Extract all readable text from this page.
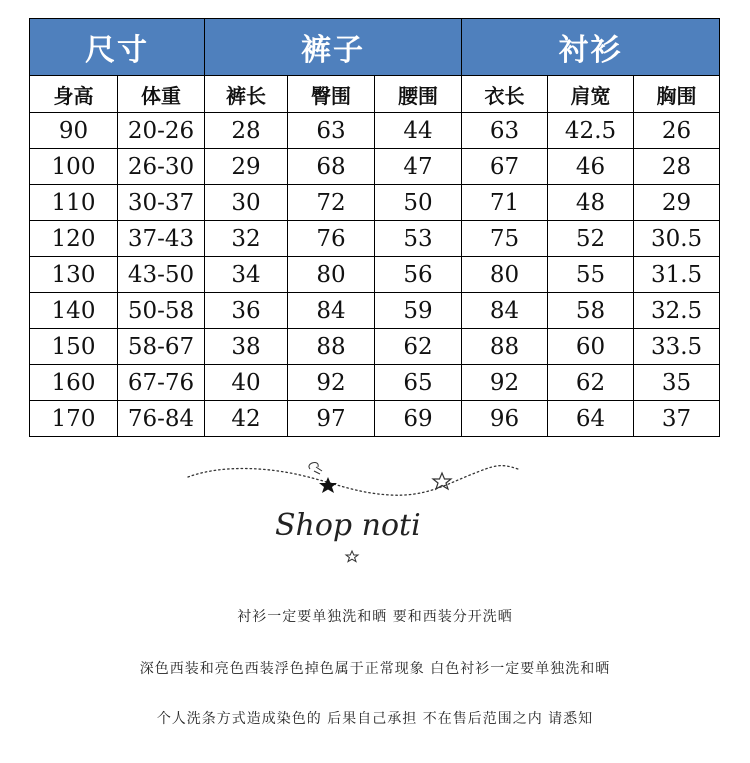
尺寸		裤子			衬衫		
身高	体重	裤长	臀围	腰围	衣长	肩宽	胸围
90	20-26	28	63	44	63	42.5	26
100	26-30	29	68	47	67	46	28
110	30-37	30	72	50	71	48	29
120	37-43	32	76	53	75	52	30.5
130	43-50	34	80	56	80	55	31.5
140	50-58	36	84	59	84	58	32.5
150	58-67	38	88	62	88	60	33.5
160	67-76	40	92	65	92	62	35
170	76-84	42	97	69	96	64	37
Shop noti
衬衫一定要单独洗和晒 要和西装分开洗晒
深色西装和亮色西装浮色掉色属于正常现象 白色衬衫一定要单独洗和晒
个人洗条方式造成染色的 后果自己承担 不在售后范围之内 请悉知
